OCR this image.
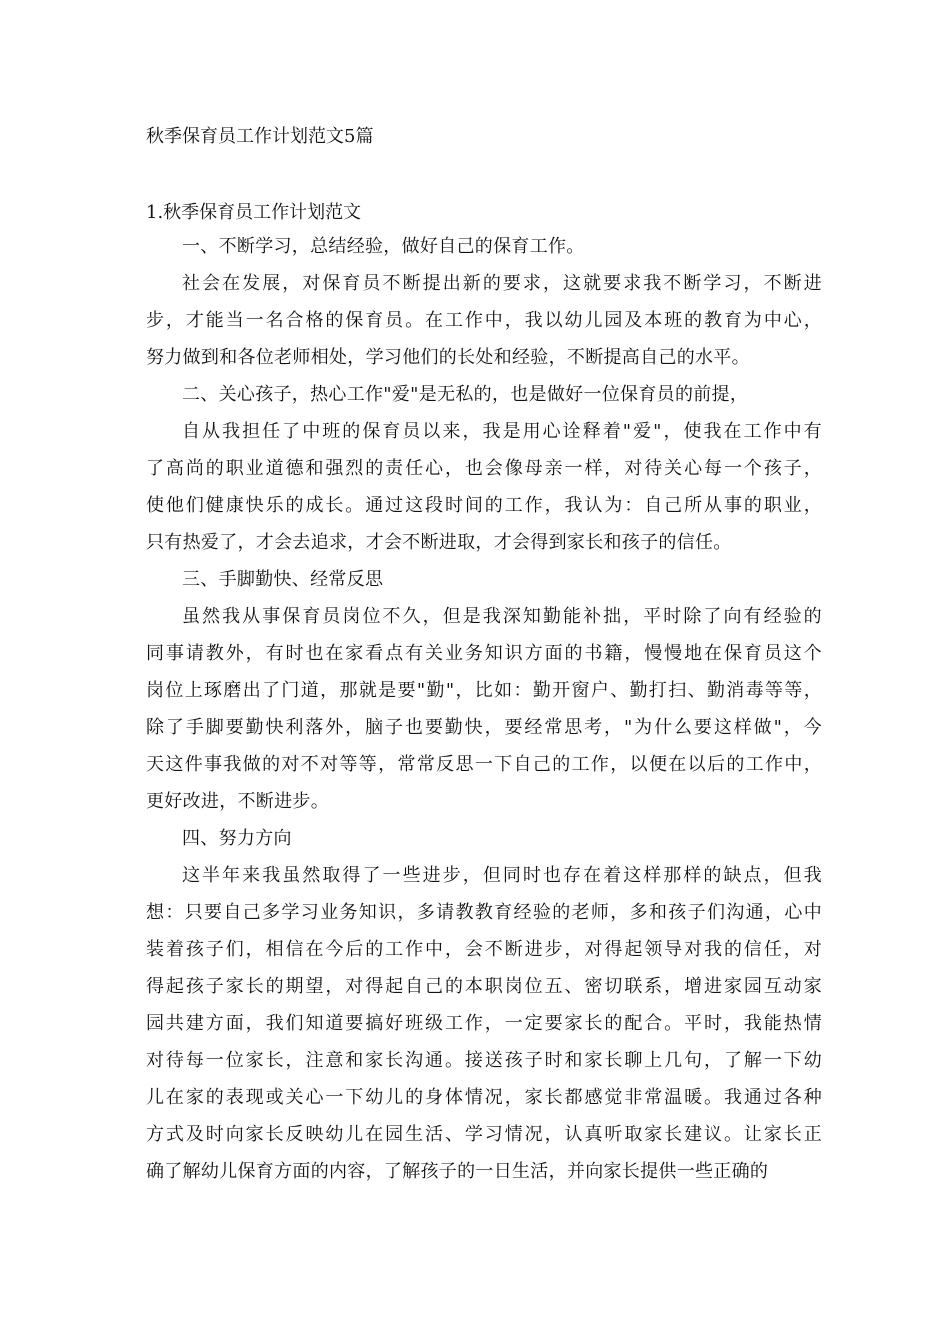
秋季保育员工作计划范文5篇
1.秋季保育员工作计划范文

一、不断学习，总结经验，做好自己的保育工作。

社会在发展，对保育员不断提出新的要求，这就要求我不断学习，不断进
步，才能当一名合格的保育员。在工作中，我以幼儿园及本班的教育为中心，
努力做到和各位老师相处，学习他们的长处和经验，不断提高自己的水平。

二、关心孩子，热心工作"爱"是无私的，也是做好一位保育员的前提，

自从我担任了中班的保育员以来，我是用心诠释着"爱"，使我在工作中有
了高尚的职业道德和强烈的责任心，也会像母亲一样，对待关心每一个孩子，
使他们健康快乐的成长。通过这段时间的工作，我认为：自己所从事的职业，
只有热爱了，才会去追求，才会不断进取，才会得到家长和孩子的信任。

三、手脚勤快、经常反思

虽然我从事保育员岗位不久，但是我深知勤能补拙，平时除了向有经验的
同事请教外，有时也在家看点有关业务知识方面的书籍，慢慢地在保育员这个
岗位上琢磨出了门道，那就是要"勤"，比如：勤开窗户、勤打扫、勤消毒等等，
除了手脚要勤快利落外，脑子也要勤快，要经常思考，"为什么要这样做"，今
天这件事我做的对不对等等，常常反思一下自己的工作，以便在以后的工作中，
更好改进，不断进步。

四、努力方向

这半年来我虽然取得了一些进步，但同时也存在着这样那样的缺点，但我
想：只要自己多学习业务知识，多请教教育经验的老师，多和孩子们沟通，心中
装着孩子们，相信在今后的工作中，会不断进步，对得起领导对我的信任，对
得起孩子家长的期望，对得起自己的本职岗位五、密切联系，增进家园互动家
园共建方面，我们知道要搞好班级工作，一定要家长的配合。平时，我能热情
对待每一位家长，注意和家长沟通。接送孩子时和家长聊上几句，了解一下幼
儿在家的表现或关心一下幼儿的身体情况，家长都感觉非常温暖。我通过各种
方式及时向家长反映幼儿在园生活、学习情况，认真听取家长建议。让家长正
确了解幼儿保育方面的内容，了解孩子的一日生活，并向家长提供一些正确的
